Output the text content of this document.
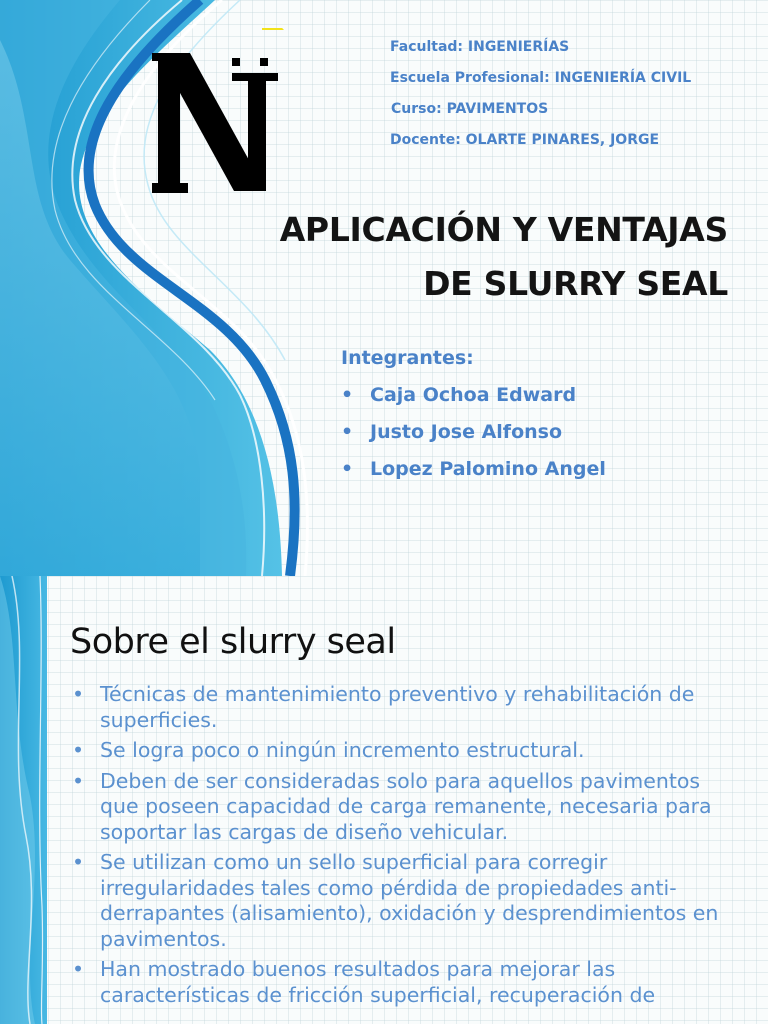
Facultad: INGENIERÍAS
Escuela Profesional: INGENIERÍA CIVIL
Curso: PAVIMENTOS
Docente: OLARTE PINARES, JORGE
APLICACIÓN Y VENTAJAS
DE SLURRY SEAL
Integrantes:
• Caja Ochoa Edward
• Justo Jose Alfonso
• Lopez Palomino Angel
Sobre el slurry seal
• Técnicas de mantenimiento preventivo y rehabilitación de superficies.
• Se logra poco o ningún incremento estructural.
• Deben de ser consideradas solo para aquellos pavimentos que poseen capacidad de carga remanente, necesaria para soportar las cargas de diseño vehicular.
• Se utilizan como un sello superficial para corregir irregularidades tales como pérdida de propiedades anti-derrapantes (alisamiento), oxidación y desprendimientos en pavimentos.
• Han mostrado buenos resultados para mejorar las características de fricción superficial, recuperación de
